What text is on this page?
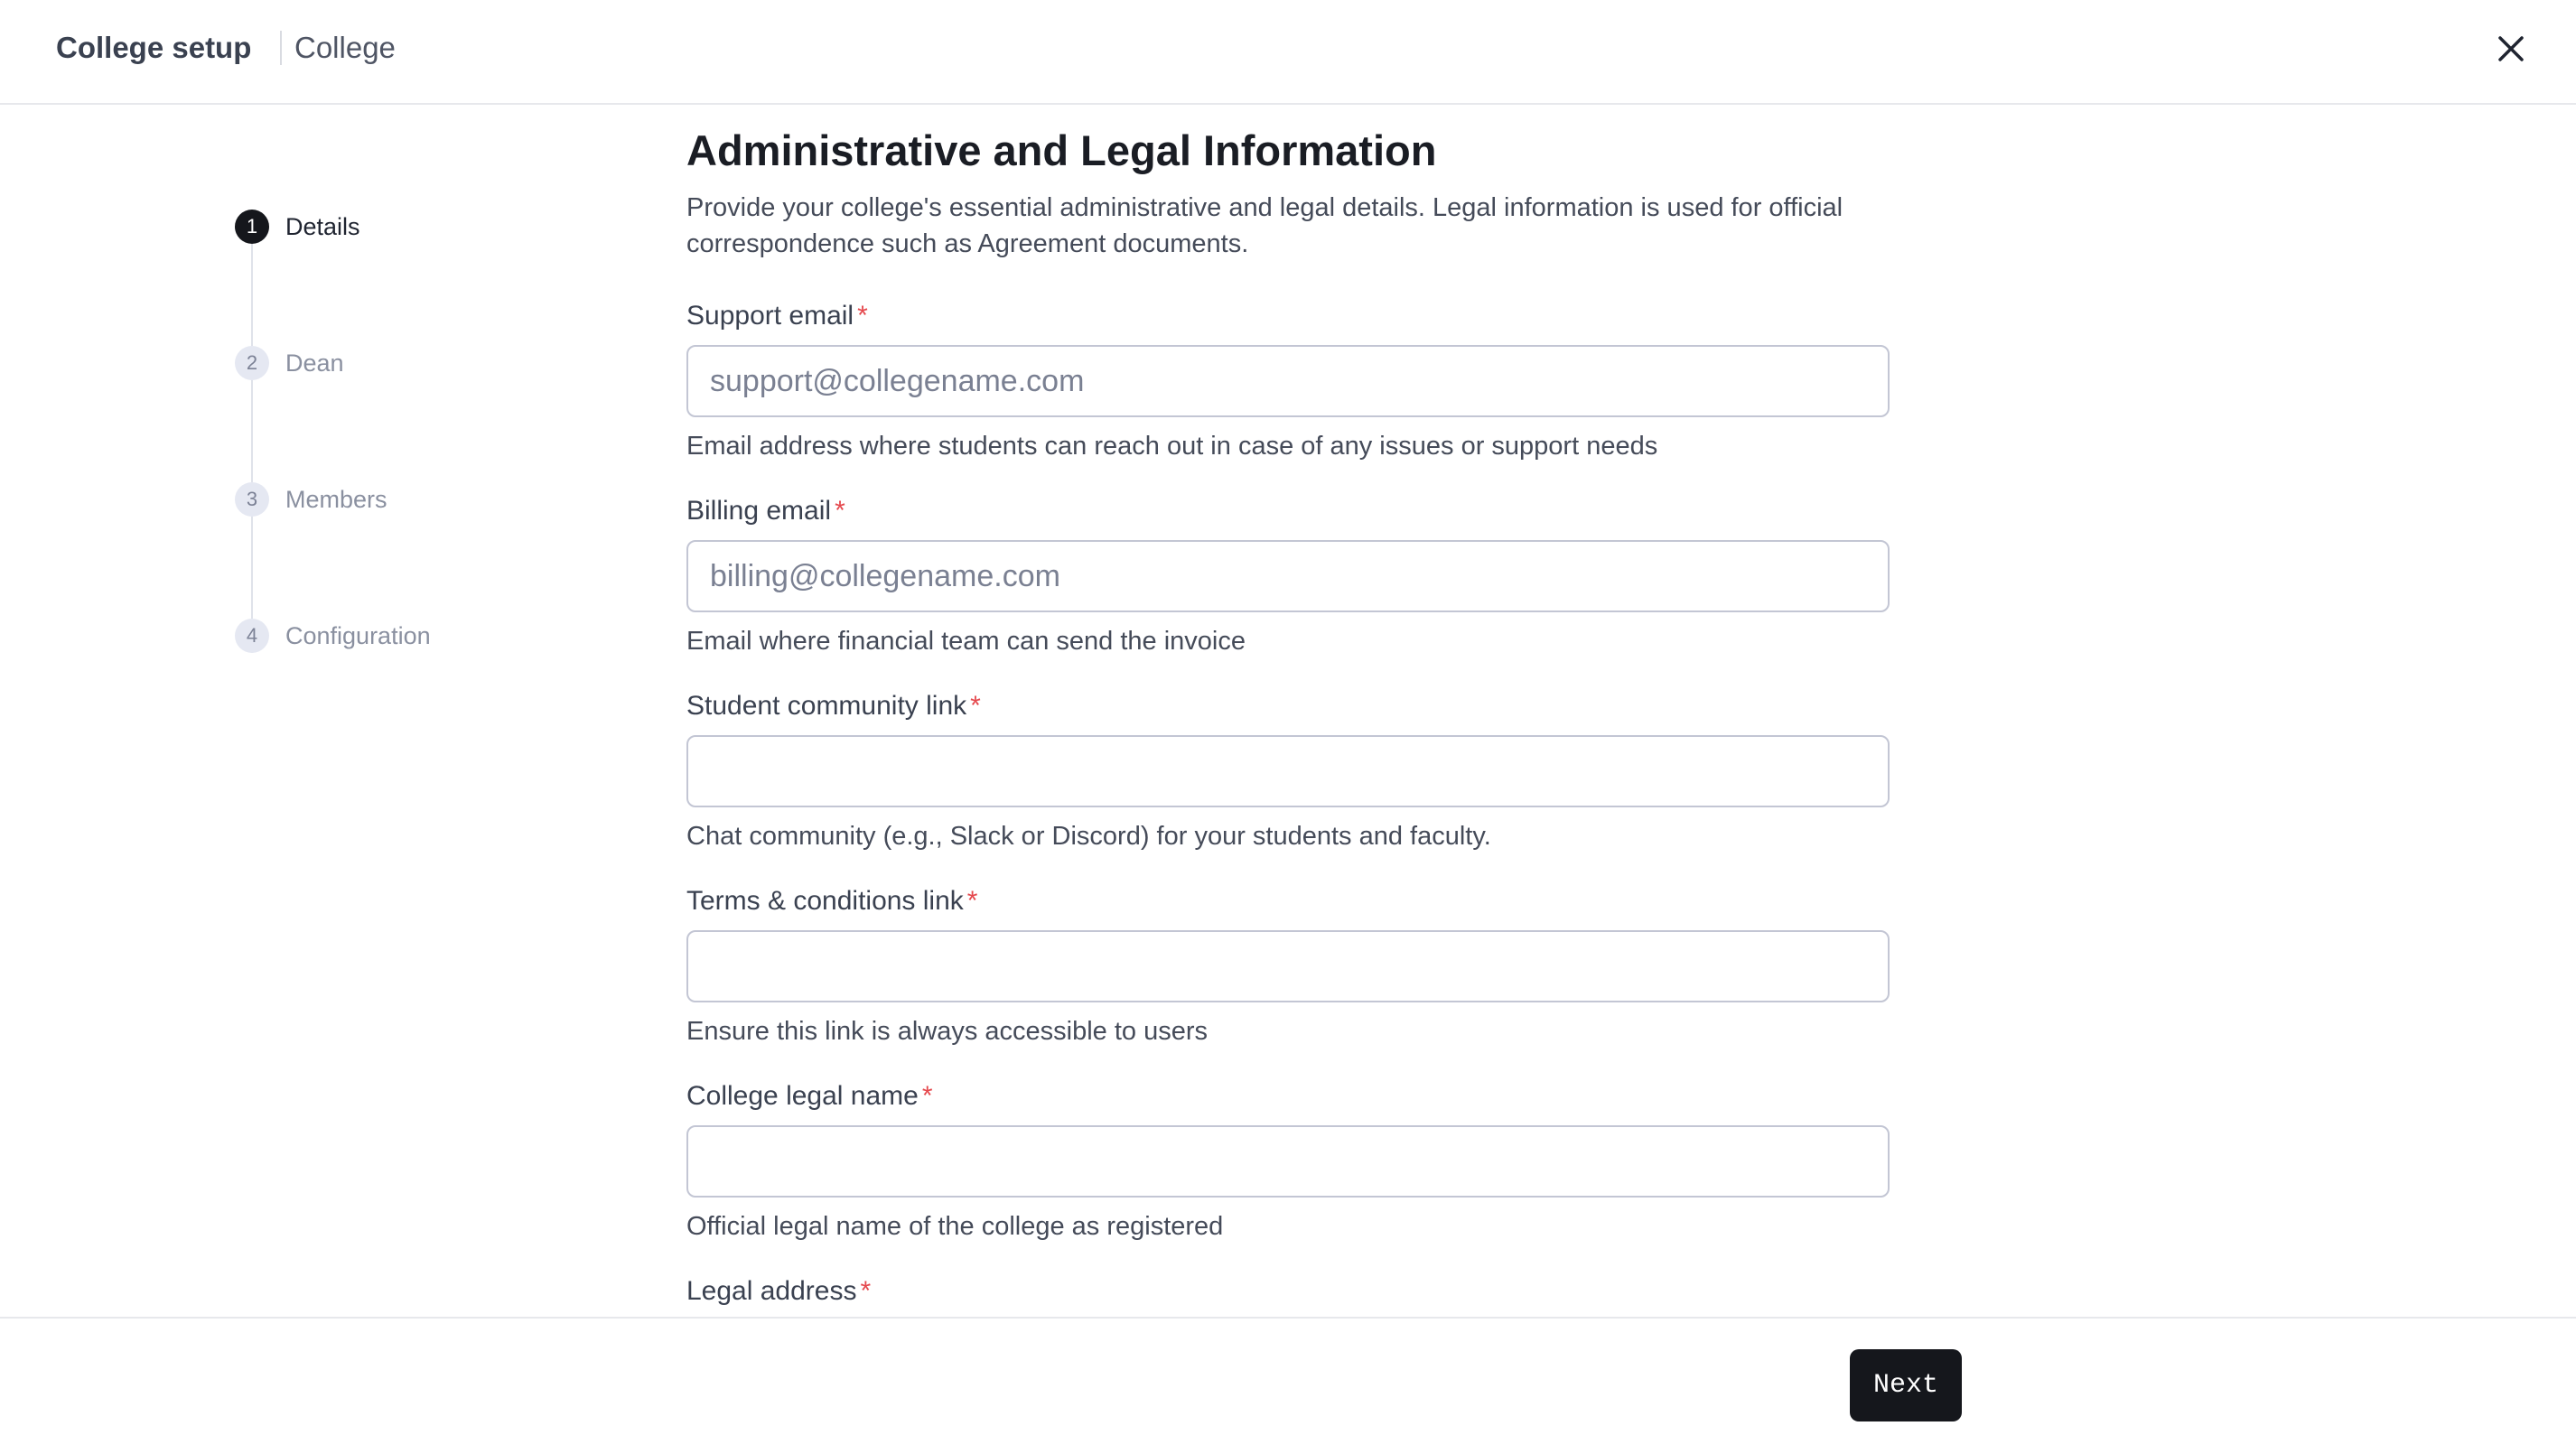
College setup College
1	Details
2	Dean
3	Members
4	Configuration
Administrative and Legal Information

Provide your college's essential administrative and legal details. Legal information is used for official correspondence such as Agreement documents.

Support email *
support@collegename.com
Email address where students can reach out in case of any issues or support needs
Billing email *
billing@collegename.com
Email where financial team can send the invoice
Student community link *
Chat community (e.g., Slack or Discord) for your students and faculty.
Terms & conditions link *
Ensure this link is always accessible to users
College legal name *
Official legal name of the college as registered
Legal address *
Next
